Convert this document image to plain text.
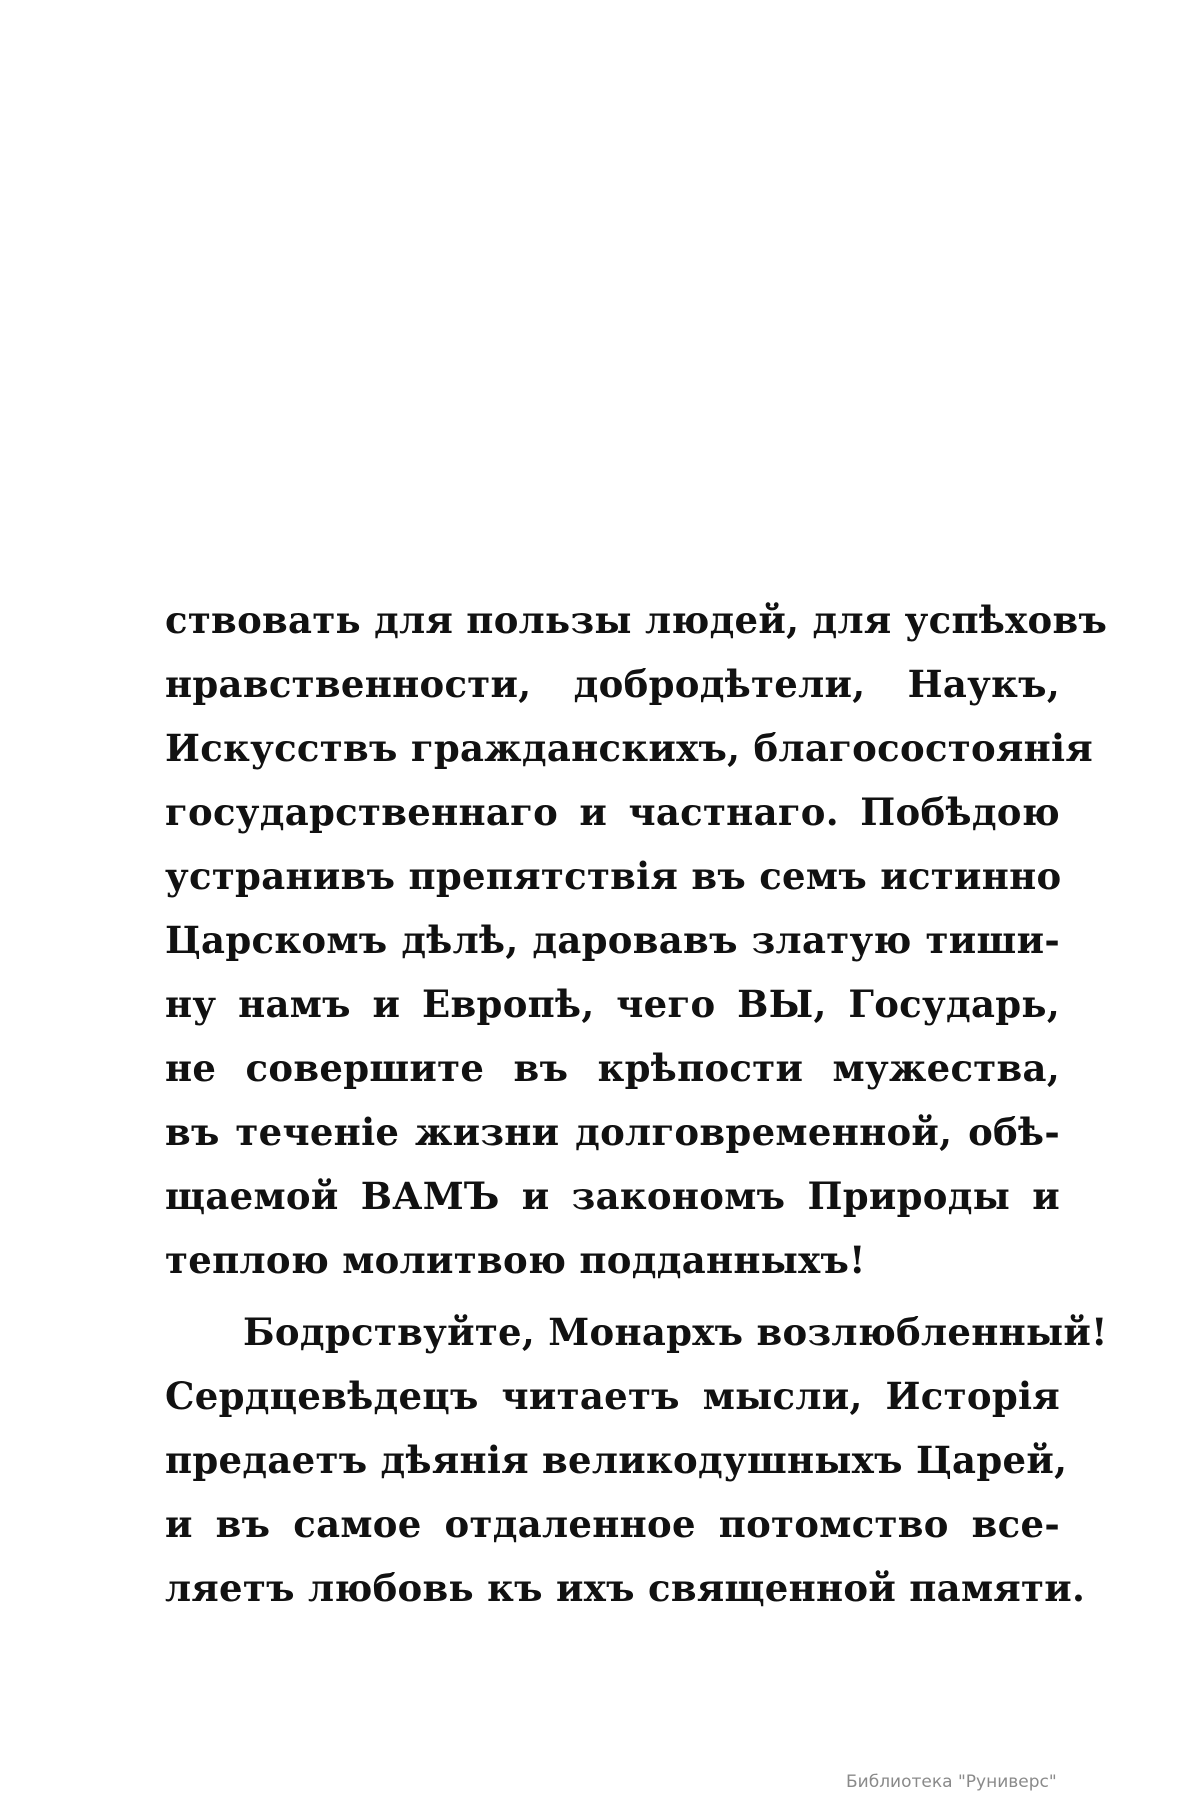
ствовать для пользы людей, для успѣховъ
нравственности, добродѣтели, Наукъ,
Искусствъ гражданскихъ, благосостоянія
государственнаго и частнаго. Побѣдою
устранивъ препятствія въ семъ истинно
Царскомъ дѣлѣ, даровавъ златую тиши-
ну намъ и Европѣ, чего ВЫ, Государь,
не совершите въ крѣпости мужества,
въ теченіе жизни долговременной, обѣ-
щаемой ВАМЪ и закономъ Природы и
теплою молитвою подданныхъ!
Бодрствуйте, Монархъ возлюбленный!
Сердцевѣдецъ читаетъ мысли, Исторія
предаетъ дѣянія великодушныхъ Царей,
и въ самое отдаленное потомство все-
ляетъ любовь къ ихъ священной памяти.
Библиотека "Руниверс"
